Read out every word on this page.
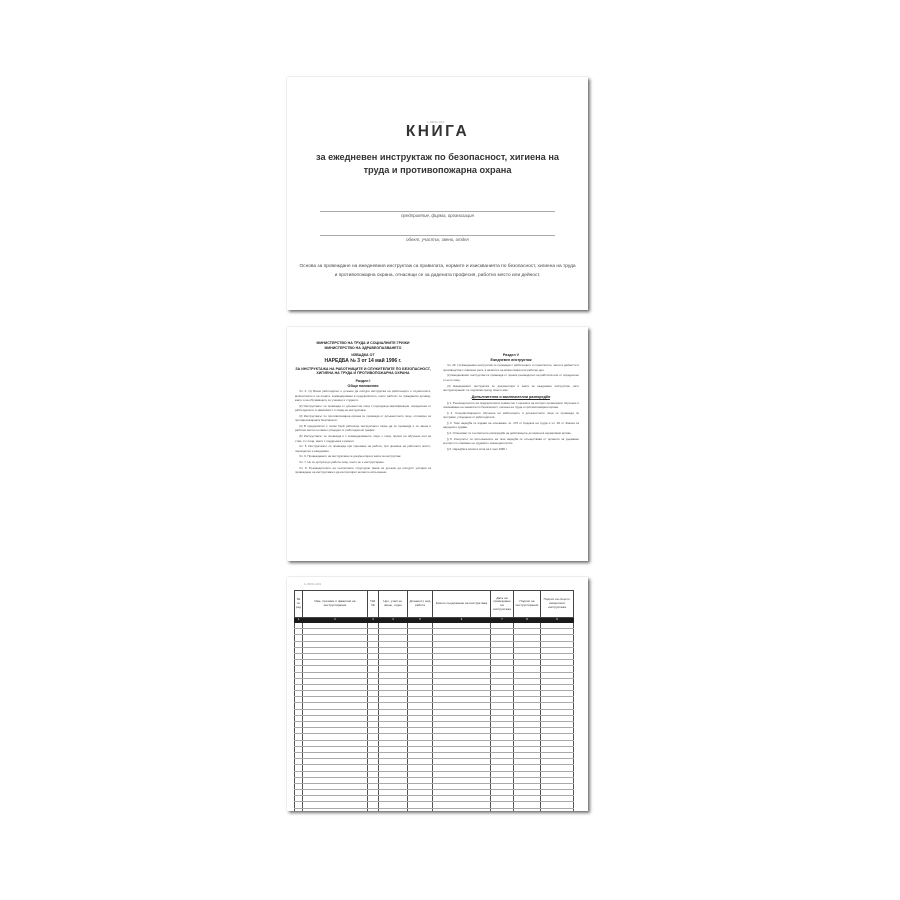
1-45/01-001
КНИГА

за ежедневен инструктаж по безопасност, хигиена на труда и противопожарна охрана

предприятие, фирма, организация
обект, участък, звено, отдел
Основа за провеждане на ежедневния инструктаж са правилата, нормите и изискванията по безопасност, хигиена на труда и противопожарна охрана, отнасящи се за дадената професия, работно място или дейност.
МИНИСТЕРСТВО НА ТРУДА И СОЦИАЛНИТЕ ГРИЖИ
МИНИСТЕРСТВО НА ЗДРАВЕОПАЗВАНЕТО
ИЗВАДКА ОТ
НАРЕДБА № 3 от 14 май 1996 г.
ЗА ИНСТРУКТАЖА НА РАБОТНИЦИТЕ И СЛУЖИТЕЛИТЕ ПО БЕЗОПАСНОСТ, ХИГИЕНА НА ТРУДА И ПРОТИВОПОЖАРНА ОХРАНА
Раздел I
Общи положения

Чл. 4. (1) Всеки работодател е длъжен да осигури инструктаж на работниците и служителите, включително и на лицата, командировани в предприятието, които работят по граждански договор, както и на обучаващите се ученици и студенти.

(2) Инструктажът се провежда от длъжностни лица с подходяща квалификация, определени от работодателя, в зависимост от вида на инструктажа.

(3) Инструктажът по противопожарна охрана се провежда от длъжностното лице, отговорно за противопожарната безопасност.

(4) В предприятия с голям брой работещи инструктажът може да се провежда и по звена и работни места съгласно утвърден от работодателя график.

(5) Инструктажът се провежда и с командированите лица, с лица, приети на обучение или на стаж, и с лица, заети с поддръжка и ремонт.

Чл. 5. Инструктажът се провежда при приемане на работа, при промяна на работното място, периодично и ежедневно.

Чл. 6. Провеждането на инструктажа се документира в книга за инструктаж.

Чл. 7. Не се допуска до работа лице, което не е инструктирано.

Чл. 8. Ръководителите на съответните структурни звена са длъжни да осигурят условия за провеждане на инструктажа и да контролират неговото изпълнение.

Раздел V
Ежедневен инструктаж

Чл. 26. (1) Ежедневен инструктаж се провежда с работниците и служителите, заети в дейности и производства с повишен риск, в началото на всяка смяна или работен ден.

(2) Ежедневният инструктаж се провежда от прекия ръководител на работата или от определено от него лице.

(3) Ежедневният инструктаж се документира в книга за ежедневен инструктаж, като инструктираният се подписва срещу своето име.

Допълнителни и заключителни разпоредби

§ 1. Ръководителите на предприятията съвместно с органите на контрол организират обучение и повишаване на знанията по безопасност, хигиена на труда и противопожарна охрана.

§ 2. Специализираното обучение на работниците и длъжностните лица се провежда по програми, утвърдени от работодателя.

§ 3. Тази наредба се издава на основание чл. 276 от Кодекса на труда и чл. 36 от Закона за народното здраве.

§ 4. Отменяват се съответните разпоредби на действащите до момента нормативни актове.

§ 5. Контролът по изпълнението на тази наредба се осъществява от органите за държавен контрол по спазване на трудовото законодателство.

§ 6. Наредбата влиза в сила на 1 юни 1996 г.

1-45/01-001
№ по ред	Име, презиме и фамилия на инструктирания	Таб. №	Цех, участък, звено, отдел	Длъжност, вид работа	Кратко съдържание на инструктажа	Дата на провеждане на инструктажа	Подпис на инструктирания	Подпис на лицето, извършило инструктажа
1	2	3	4	5	6	7	8	9
